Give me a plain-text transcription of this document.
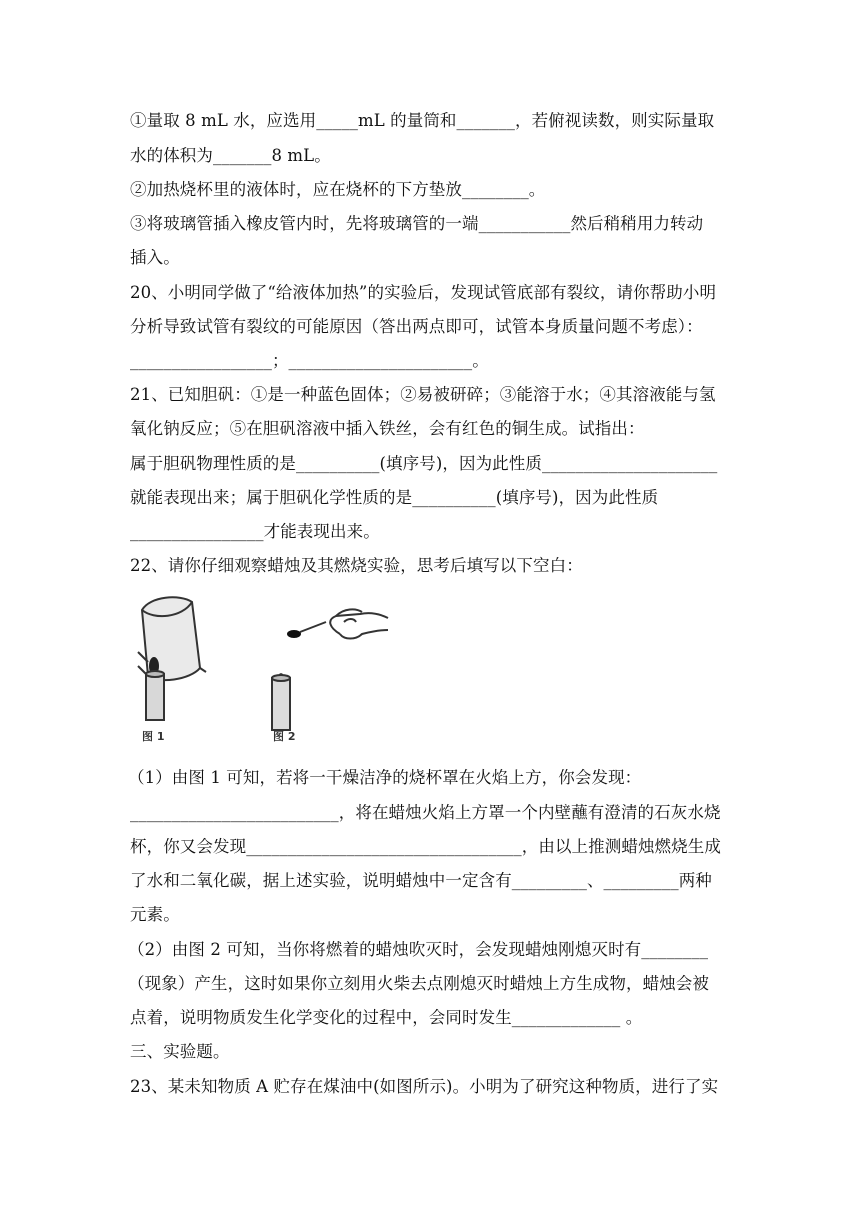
①量取 8 mL 水，应选用_____mL 的量筒和_______，若俯视读数，则实际量取
水的体积为_______8 mL。
②加热烧杯里的液体时，应在烧杯的下方垫放________。
③将玻璃管插入橡皮管内时，先将玻璃管的一端___________然后稍稍用力转动
插入。
20、小明同学做了“给液体加热”的实验后，发现试管底部有裂纹，请你帮助小明
分析导致试管有裂纹的可能原因（答出两点即可，试管本身质量问题不考虑）：
_________________；______________________。
21、已知胆矾：①是一种蓝色固体；②易被研碎；③能溶于水；④其溶液能与氢
氧化钠反应；⑤在胆矾溶液中插入铁丝，会有红色的铜生成。试指出：
属于胆矾物理性质的是__________(填序号)，因为此性质_____________________
就能表现出来；属于胆矾化学性质的是__________(填序号)，因为此性质
________________才能表现出来。
22、请你仔细观察蜡烛及其燃烧实验，思考后填写以下空白：
图 1	图 2
（1）由图 1 可知，若将一干燥洁净的烧杯罩在火焰上方，你会发现：
_________________________，将在蜡烛火焰上方罩一个内壁蘸有澄清的石灰水烧
杯，你又会发现_________________________________，由以上推测蜡烛燃烧生成
了水和二氧化碳，据上述实验，说明蜡烛中一定含有_________、_________两种
元素。
（2）由图 2 可知，当你将燃着的蜡烛吹灭时，会发现蜡烛刚熄灭时有________
（现象）产生，这时如果你立刻用火柴去点刚熄灭时蜡烛上方生成物，蜡烛会被
点着，说明物质发生化学变化的过程中，会同时发生_____________ 。
三、实验题。
23、某未知物质 A 贮存在煤油中(如图所示)。小明为了研究这种物质，进行了实
